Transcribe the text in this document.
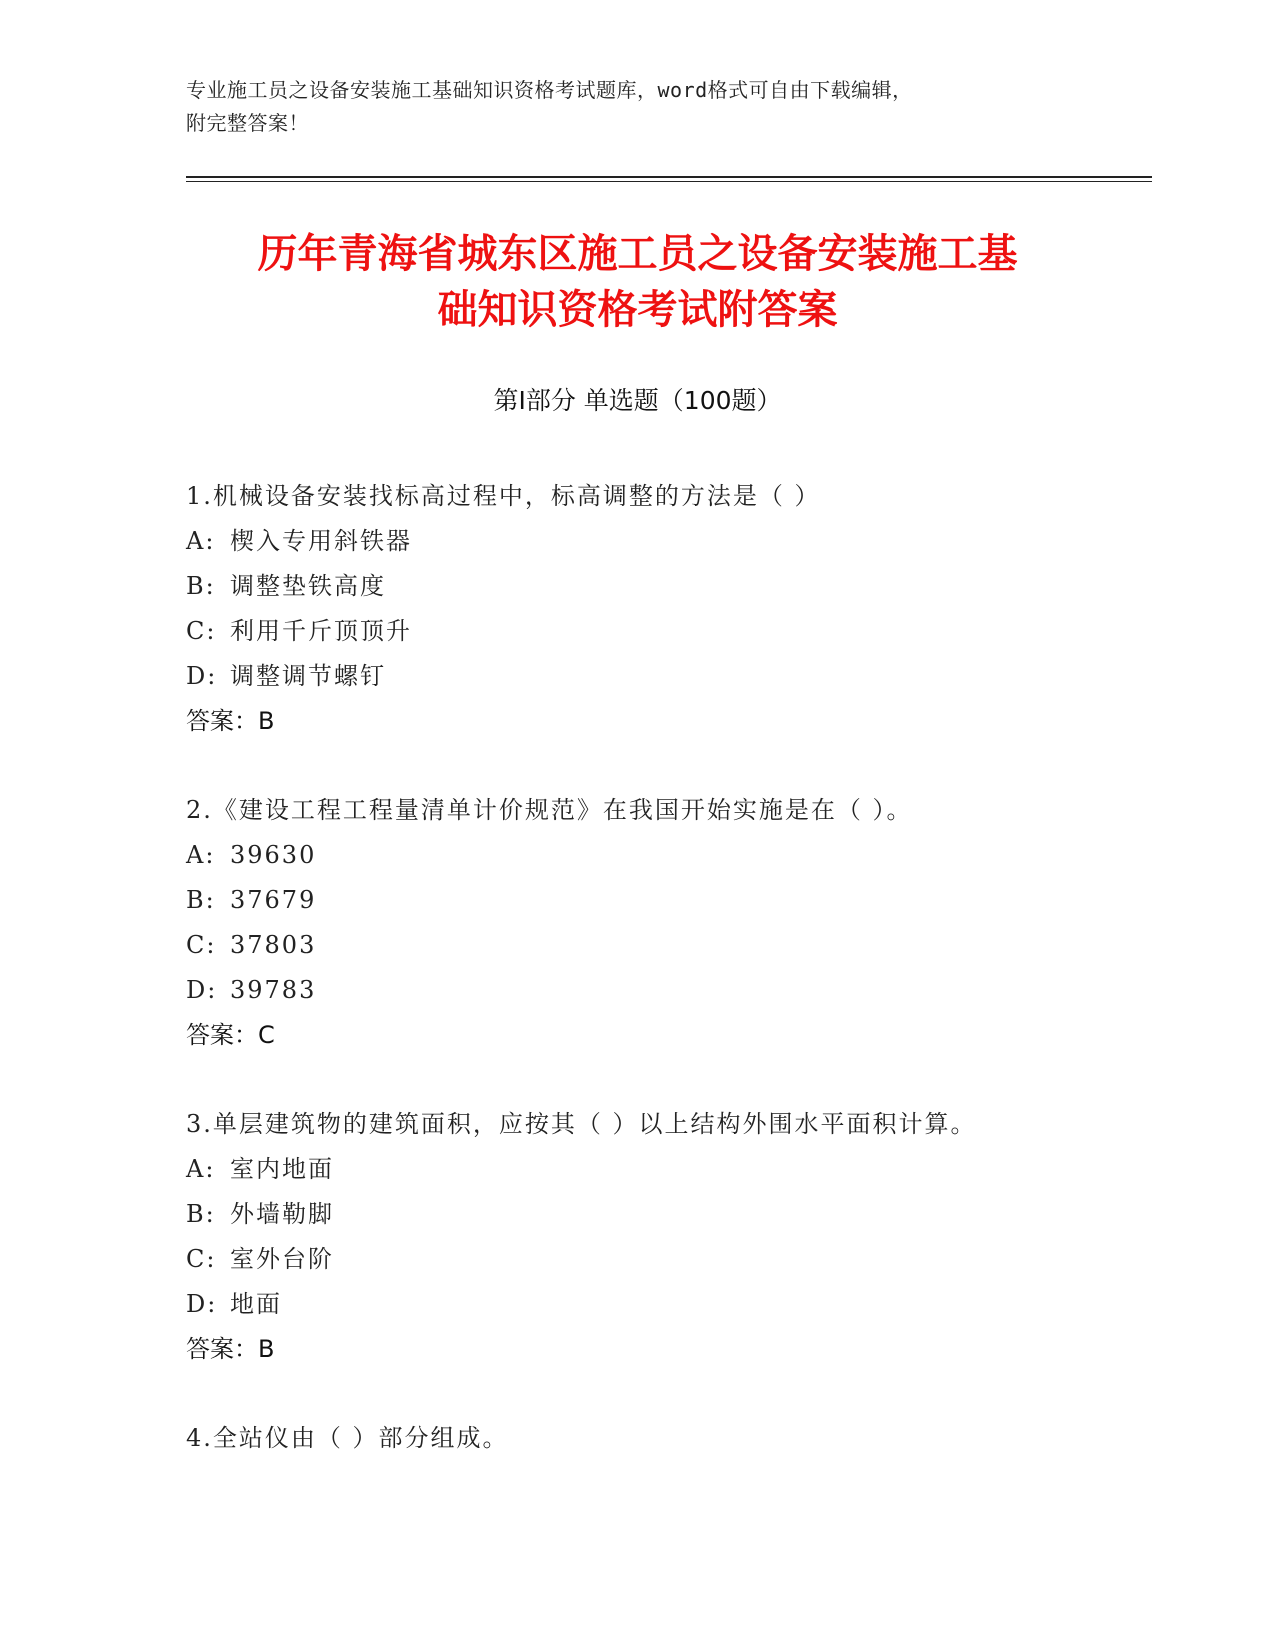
专业施工员之设备安装施工基础知识资格考试题库，word格式可自由下载编辑，
附完整答案！
历年青海省城东区施工员之设备安装施工基
础知识资格考试附答案
第Ⅰ部分 单选题（100题）
1.机械设备安装找标高过程中，标高调整的方法是（ ）
A: 楔入专用斜铁器
B: 调整垫铁高度
C: 利用千斤顶顶升
D: 调整调节螺钉
答案：B
2.《建设工程工程量清单计价规范》在我国开始实施是在（ ）。
A: 39630
B: 37679
C: 37803
D: 39783
答案：C
3.单层建筑物的建筑面积，应按其（ ）以上结构外围水平面积计算。
A: 室内地面
B: 外墙勒脚
C: 室外台阶
D: 地面
答案：B
4.全站仪由（ ）部分组成。
